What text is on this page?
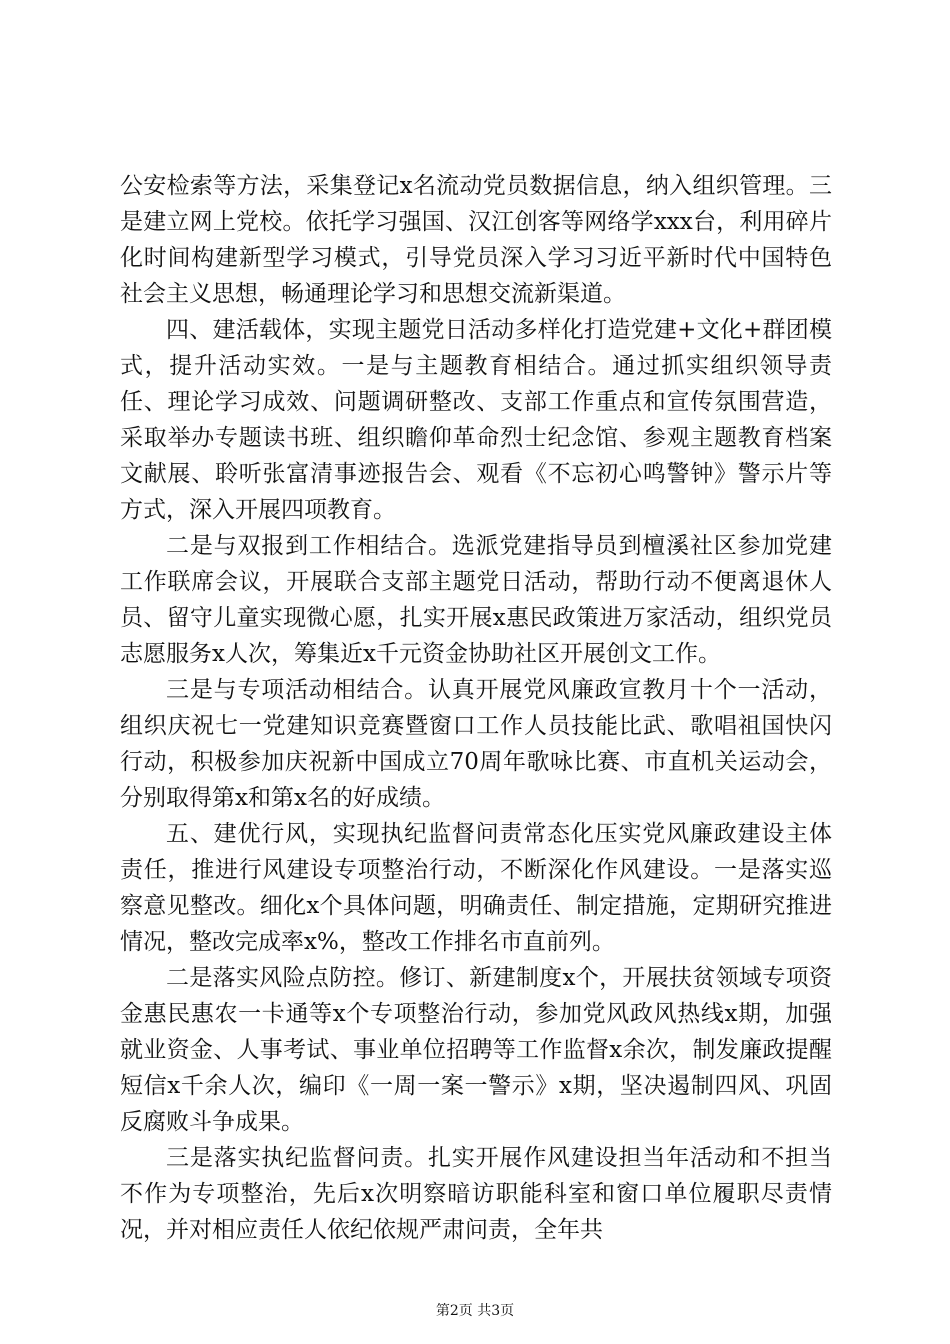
公安检索等方法，采集登记x名流动党员数据信息，纳入组织管理。三是建立网上党校。依托学习强国、汉江创客等网络学xxx台，利用碎片化时间构建新型学习模式，引导党员深入学习习近平新时代中国特色社会主义思想，畅通理论学习和思想交流新渠道。

四、建活载体，实现主题党日活动多样化打造党建+文化+群团模式，提升活动实效。一是与主题教育相结合。通过抓实组织领导责任、理论学习成效、问题调研整改、支部工作重点和宣传氛围营造，采取举办专题读书班、组织瞻仰革命烈士纪念馆、参观主题教育档案文献展、聆听张富清事迹报告会、观看《不忘初心鸣警钟》警示片等方式，深入开展四项教育。

二是与双报到工作相结合。选派党建指导员到檀溪社区参加党建工作联席会议，开展联合支部主题党日活动，帮助行动不便离退休人员、留守儿童实现微心愿，扎实开展x惠民政策进万家活动，组织党员志愿服务x人次，筹集近x千元资金协助社区开展创文工作。

三是与专项活动相结合。认真开展党风廉政宣教月十个一活动，组织庆祝七一党建知识竞赛暨窗口工作人员技能比武、歌唱祖国快闪行动，积极参加庆祝新中国成立70周年歌咏比赛、市直机关运动会，分别取得第x和第x名的好成绩。

五、建优行风，实现执纪监督问责常态化压实党风廉政建设主体责任，推进行风建设专项整治行动，不断深化作风建设。一是落实巡察意见整改。细化x个具体问题，明确责任、制定措施，定期研究推进情况，整改完成率x%，整改工作排名市直前列。

二是落实风险点防控。修订、新建制度x个，开展扶贫领域专项资金惠民惠农一卡通等x个专项整治行动，参加党风政风热线x期，加强就业资金、人事考试、事业单位招聘等工作监督x余次，制发廉政提醒短信x千余人次，编印《一周一案一警示》x期，坚决遏制四风、巩固反腐败斗争成果。

三是落实执纪监督问责。扎实开展作风建设担当年活动和不担当不作为专项整治，先后x次明察暗访职能科室和窗口单位履职尽责情况，并对相应责任人依纪依规严肃问责，全年共

第2页 共3页
